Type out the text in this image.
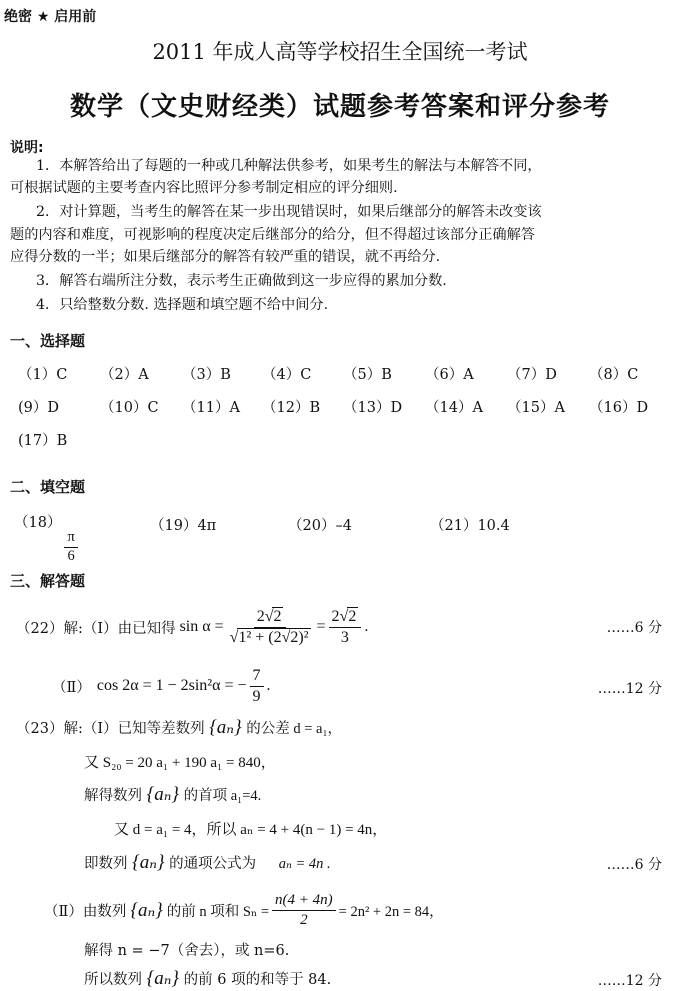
绝密 ★ 启用前
2011 年成人高等学校招生全国统一考试
数学（文史财经类）试题参考答案和评分参考
说明:
1．本解答给出了每题的一种或几种解法供参考，如果考生的解法与本解答不同，
可根据试题的主要考查内容比照评分参考制定相应的评分细则.
2．对计算题，当考生的解答在某一步出现错误时，如果后继部分的解答未改变该
题的内容和难度，可视影响的程度决定后继部分的给分，但不得超过该部分正确解答
应得分数的一半；如果后继部分的解答有较严重的错误，就不再给分.
3．解答右端所注分数，表示考生正确做到这一步应得的累加分数.
4．只给整数分数. 选择题和填空题不给中间分.
一、选择题
（1）C （2）A （3）B （4）C （5）B （6）A （7）D （8）C
(9）D	（10）C （11）A （12）B （13）D （14）A （15）A （16）D
(17）B
二、填空题
（18）
$\frac{\pi}{6}$
（19）4π	（20）–4	（21）10.4
三、解答题
（22）解:（Ⅰ）由已知得 $\sin \alpha = \frac{2√2}{\text{√1² + (2√2)²}} = \frac{2√2}{3}$ .	……6 分
（Ⅱ） cos 2α = 1 − 2sin²α = − $\frac{7}{9}$ .	……12 分
（23）解:（Ⅰ）已知等差数列 {aₙ} 的公差 d = a₁，
又 S₂₀ = 20 a₁ + 190 a₁ = 840，
解得数列 {aₙ} 的首项 a₁=4.
又 d = a₁ = 4，所以 aₙ = 4 + 4(n − 1) = 4n，
即数列 {aₙ} 的通项公式为 aₙ = 4n .	……6 分
（Ⅱ）由数列 {aₙ} 的前 n 项和 $S_n = \frac{n(4 + 4n)}{2} = 2n^2 + 2n = 84$，
解得 n = −7（舍去），或 n=6.
所以数列 {aₙ} 的前 6 项的和等于 84.	……12 分
